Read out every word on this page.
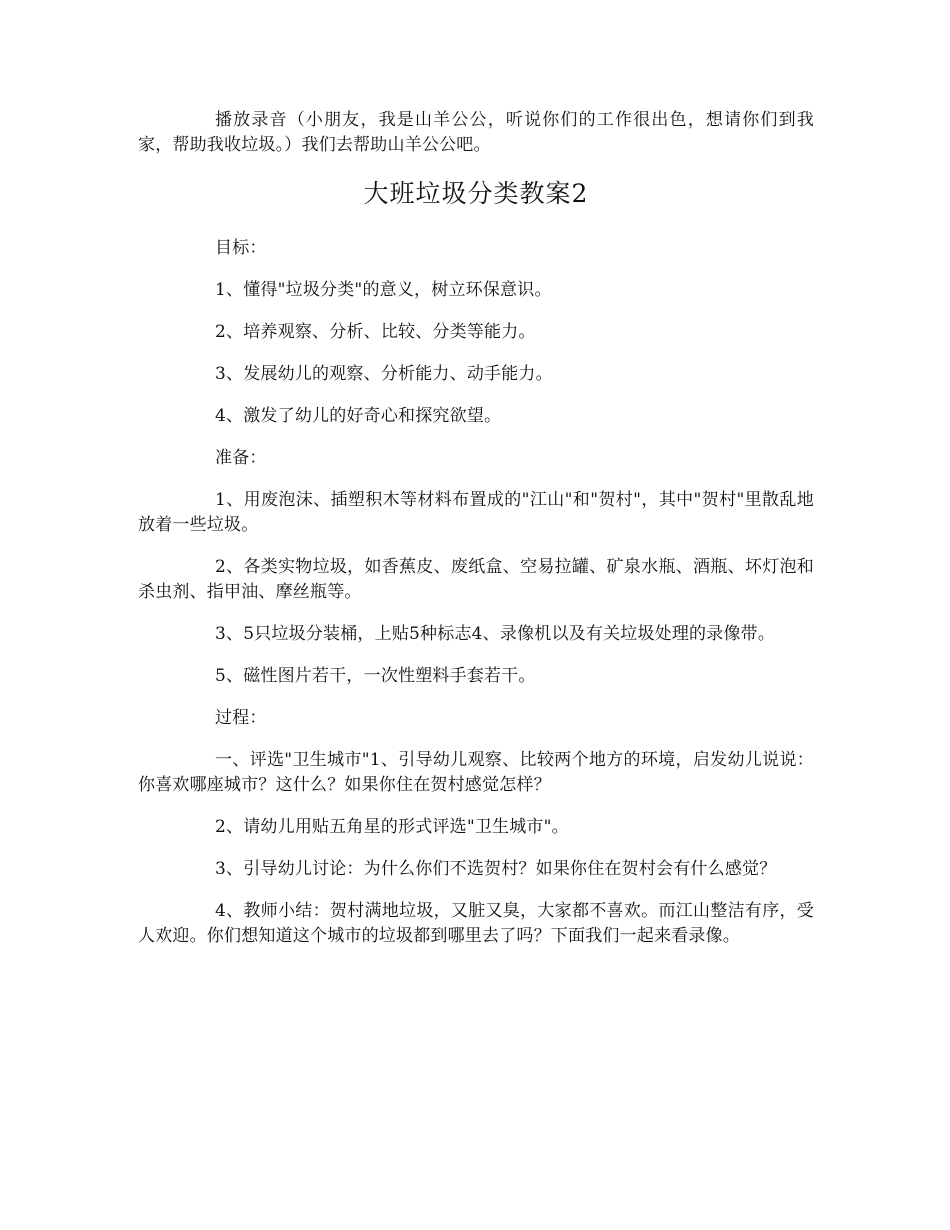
播放录音（小朋友，我是山羊公公，听说你们的工作很出色，想请你们到我家，帮助我收垃圾。）我们去帮助山羊公公吧。

大班垃圾分类教案2

目标：

1、懂得"垃圾分类"的意义，树立环保意识。

2、培养观察、分析、比较、分类等能力。

3、发展幼儿的观察、分析能力、动手能力。

4、激发了幼儿的好奇心和探究欲望。

准备：

1、用废泡沫、插塑积木等材料布置成的"江山"和"贺村"，其中"贺村"里散乱地放着一些垃圾。

2、各类实物垃圾，如香蕉皮、废纸盒、空易拉罐、矿泉水瓶、酒瓶、坏灯泡和杀虫剂、指甲油、摩丝瓶等。

3、5只垃圾分装桶，上贴5种标志4、录像机以及有关垃圾处理的录像带。

5、磁性图片若干，一次性塑料手套若干。

过程：

一、评选"卫生城市"1、引导幼儿观察、比较两个地方的环境，启发幼儿说说：你喜欢哪座城市？这什么？如果你住在贺村感觉怎样？

2、请幼儿用贴五角星的形式评选"卫生城市"。

3、引导幼儿讨论：为什么你们不选贺村？如果你住在贺村会有什么感觉？

4、教师小结：贺村满地垃圾，又脏又臭，大家都不喜欢。而江山整洁有序，受人欢迎。你们想知道这个城市的垃圾都到哪里去了吗？下面我们一起来看录像。
